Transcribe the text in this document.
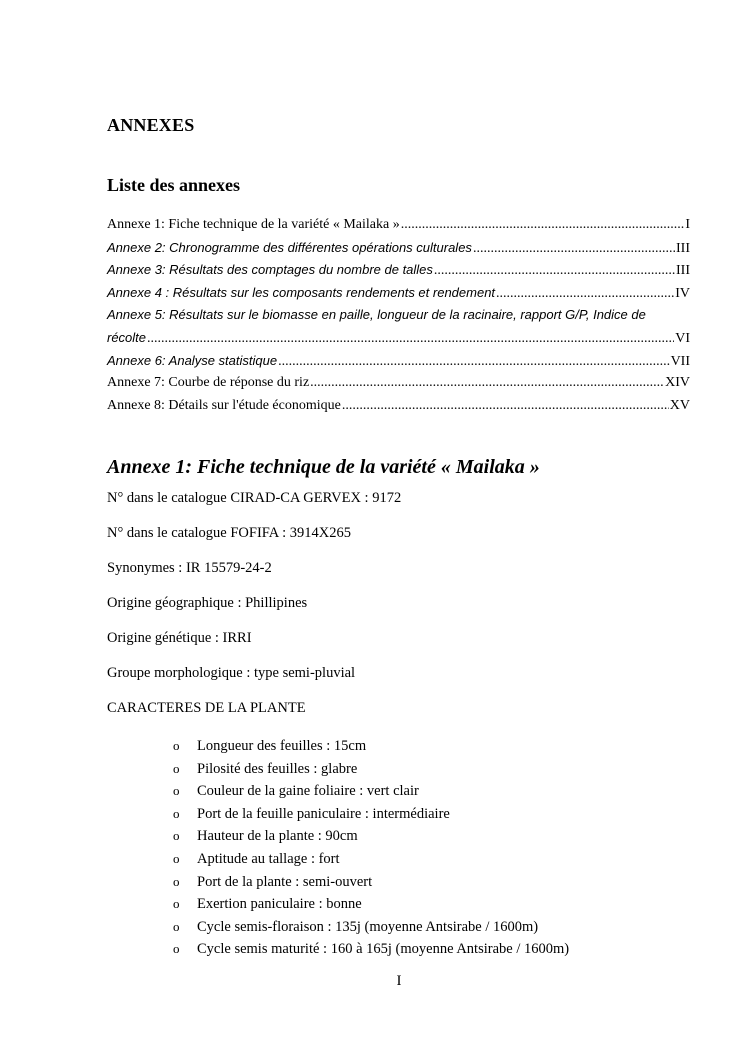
ANNEXES
Liste des annexes
Annexe 1: Fiche technique de la variété « Mailaka » .....	I
Annexe 2: Chronogramme des différentes opérations culturales .....	III
Annexe 3: Résultats des comptages du nombre de talles .....	III
Annexe 4 : Résultats sur les composants rendements et rendement .....	IV
Annexe 5: Résultats sur le biomasse en paille, longueur de la racinaire, rapport G/P, Indice de
récolte .....	VI
Annexe 6: Analyse statistique .....	VII
Annexe 7: Courbe de réponse du riz .....	XIV
Annexe 8: Détails sur l'étude économique .....	XV
Annexe 1: Fiche technique de la variété « Mailaka »

N° dans le catalogue CIRAD-CA GERVEX : 9172

N° dans le catalogue FOFIFA : 3914X265

Synonymes : IR 15579-24-2

Origine géographique : Phillipines

Origine génétique : IRRI

Groupe morphologique : type semi-pluvial

CARACTERES DE LA PLANTE

o	Longueur des feuilles : 15cm
o	Pilosité des feuilles : glabre
o	Couleur de la gaine foliaire : vert clair
o	Port de la feuille paniculaire : intermédiaire
o	Hauteur de la plante : 90cm
o	Aptitude au tallage : fort
o	Port de la plante : semi-ouvert
o	Exertion paniculaire : bonne
o	Cycle semis-floraison : 135j (moyenne Antsirabe / 1600m)
o	Cycle semis maturité : 160 à 165j (moyenne Antsirabe / 1600m)
I
